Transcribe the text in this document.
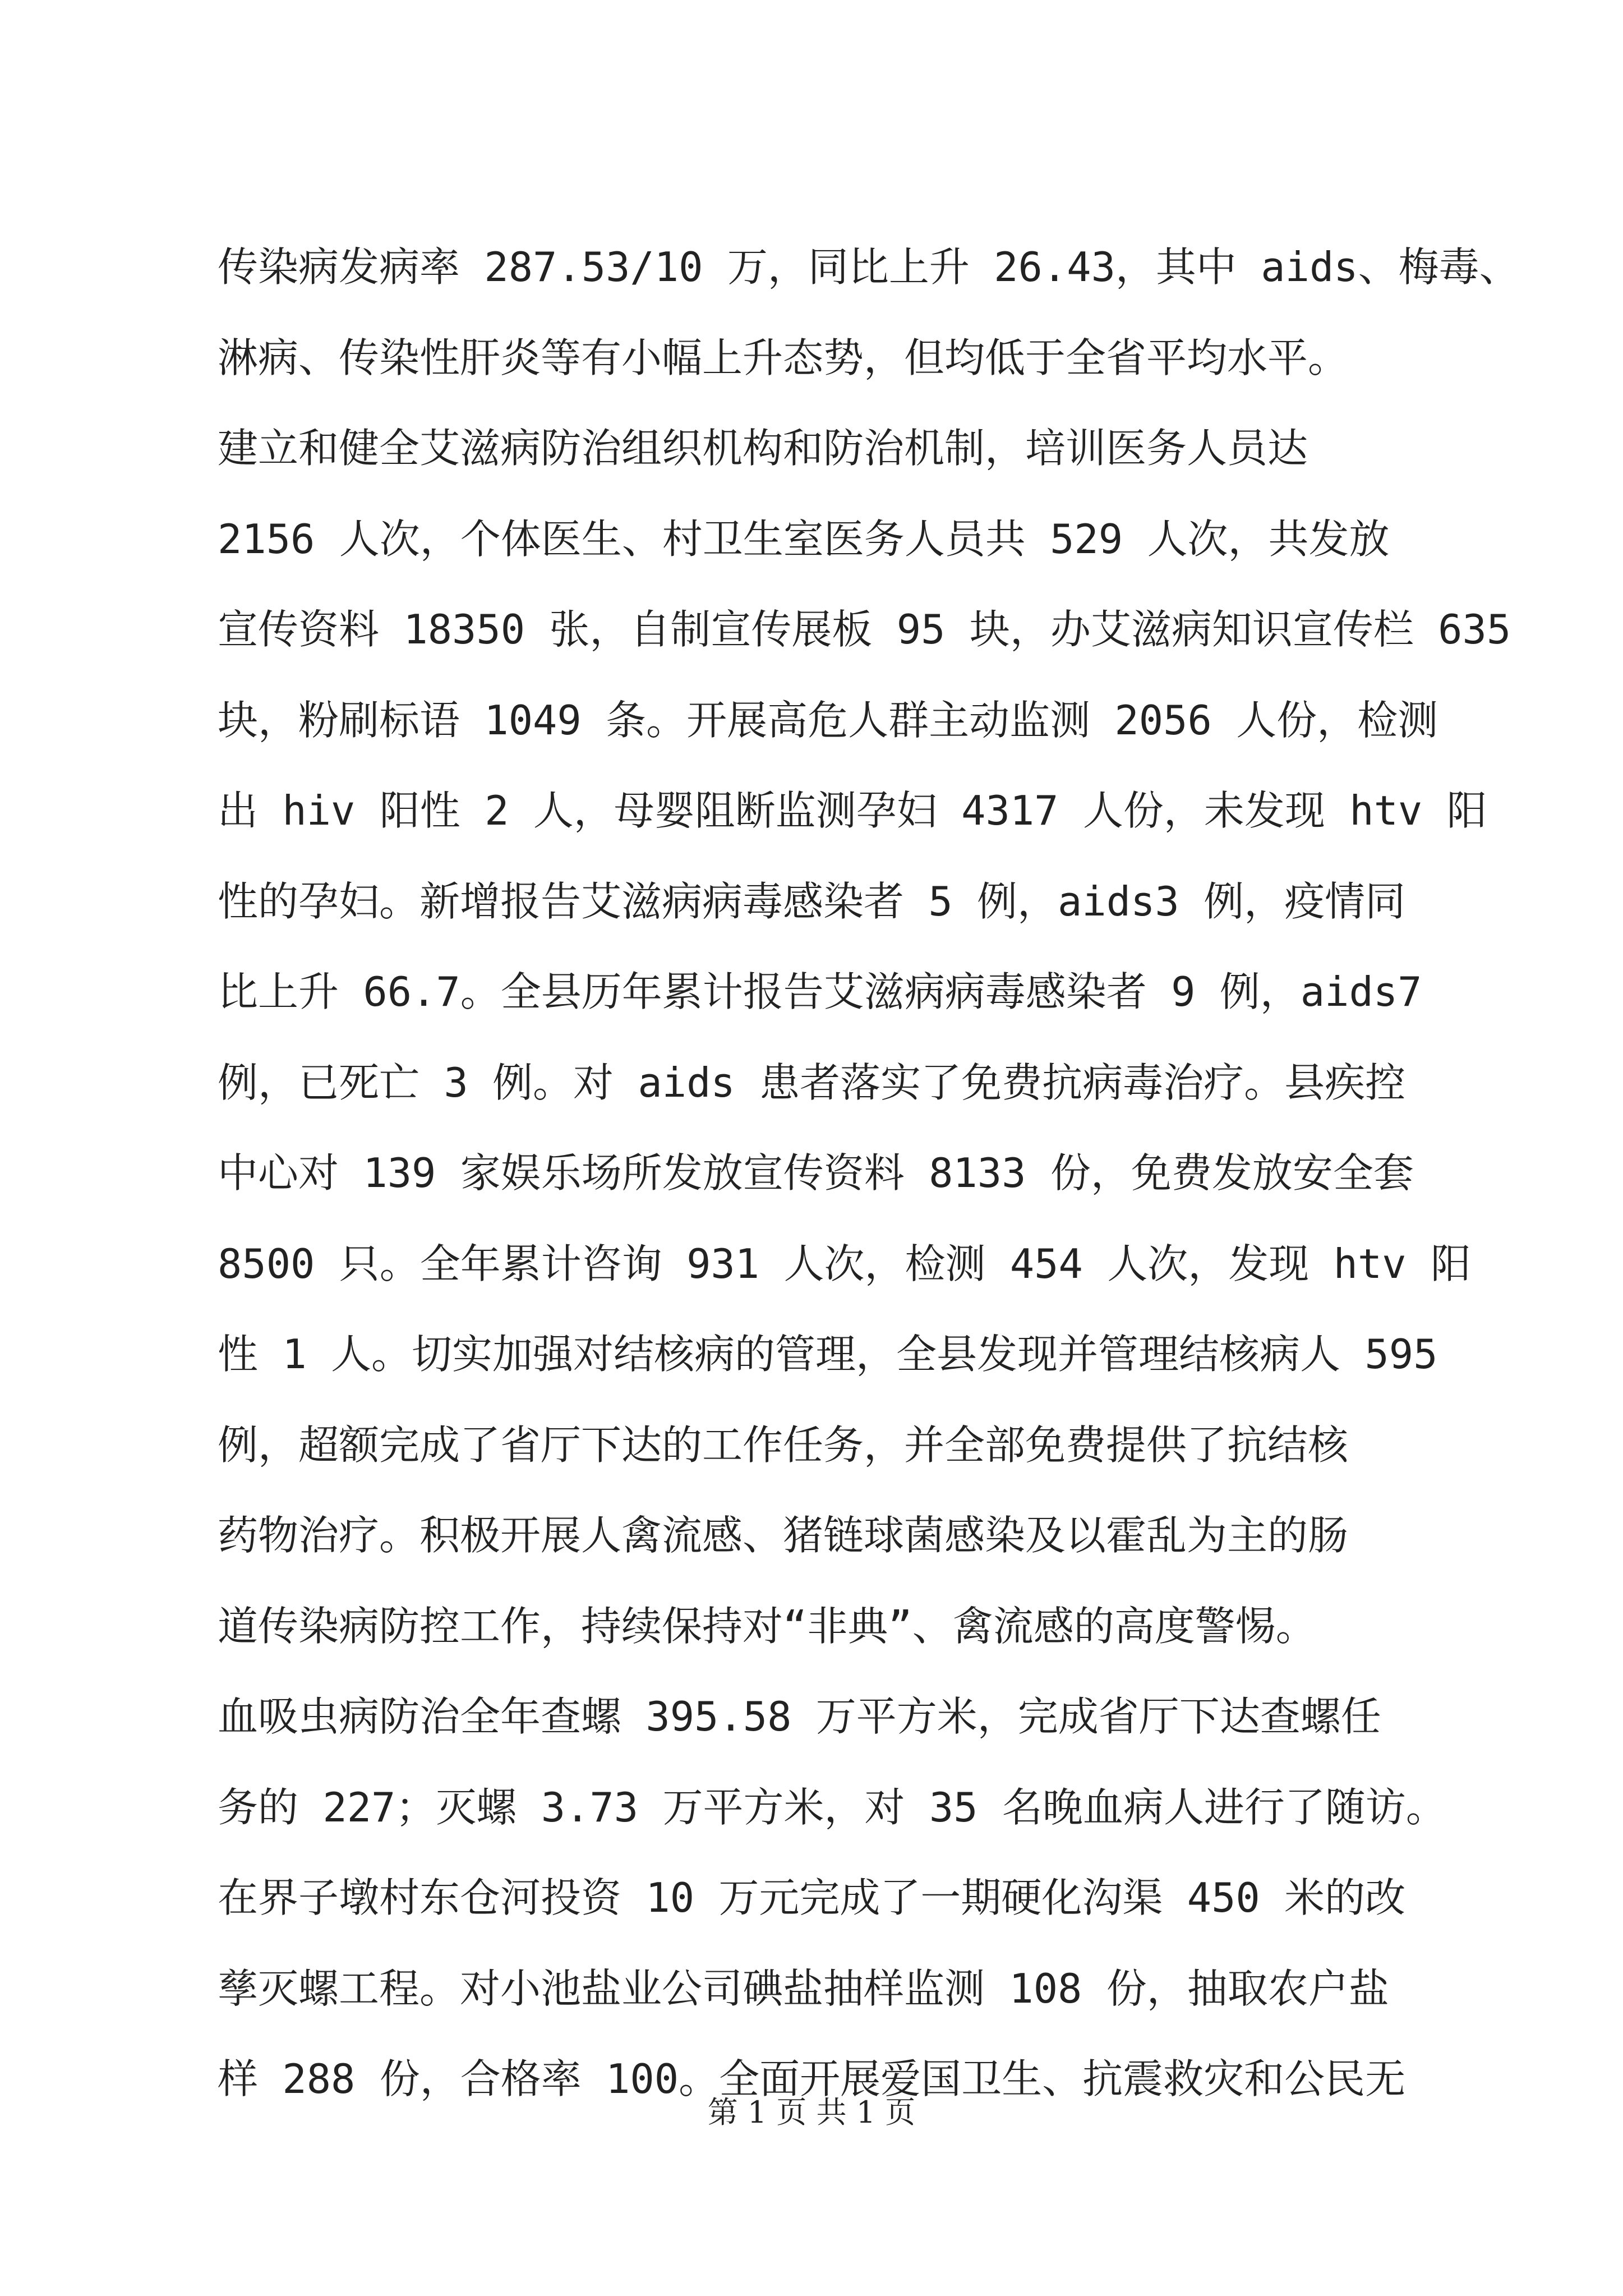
传染病发病率 287.53/10 万，同比上升 26.43，其中 aids、梅毒、
淋病、传染性肝炎等有小幅上升态势，但均低于全省平均水平。
建立和健全艾滋病防治组织机构和防治机制，培训医务人员达
2156 人次，个体医生、村卫生室医务人员共 529 人次，共发放
宣传资料 18350 张，自制宣传展板 95 块，办艾滋病知识宣传栏 635
块，粉刷标语 1049 条。开展高危人群主动监测 2056 人份，检测
出 hiv 阳性 2 人，母婴阻断监测孕妇 4317 人份，未发现 htv 阳
性的孕妇。新增报告艾滋病病毒感染者 5 例，aids3 例，疫情同
比上升 66.7。全县历年累计报告艾滋病病毒感染者 9 例，aids7
例，已死亡 3 例。对 aids 患者落实了免费抗病毒治疗。县疾控
中心对 139 家娱乐场所发放宣传资料 8133 份，免费发放安全套
8500 只。全年累计咨询 931 人次，检测 454 人次，发现 htv 阳
性 1 人。切实加强对结核病的管理，全县发现并管理结核病人 595
例，超额完成了省厅下达的工作任务，并全部免费提供了抗结核
药物治疗。积极开展人禽流感、猪链球菌感染及以霍乱为主的肠
道传染病防控工作，持续保持对“非典”、禽流感的高度警惕。
血吸虫病防治全年查螺 395.58 万平方米，完成省厅下达查螺任
务的 227；灭螺 3.73 万平方米，对 35 名晚血病人进行了随访。
在界子墩村东仓河投资 10 万元完成了一期硬化沟渠 450 米的改
孳灭螺工程。对小池盐业公司碘盐抽样监测 108 份，抽取农户盐
样 288 份，合格率 100。全面开展爱国卫生、抗震救灾和公民无
第 1 页 共 1 页
